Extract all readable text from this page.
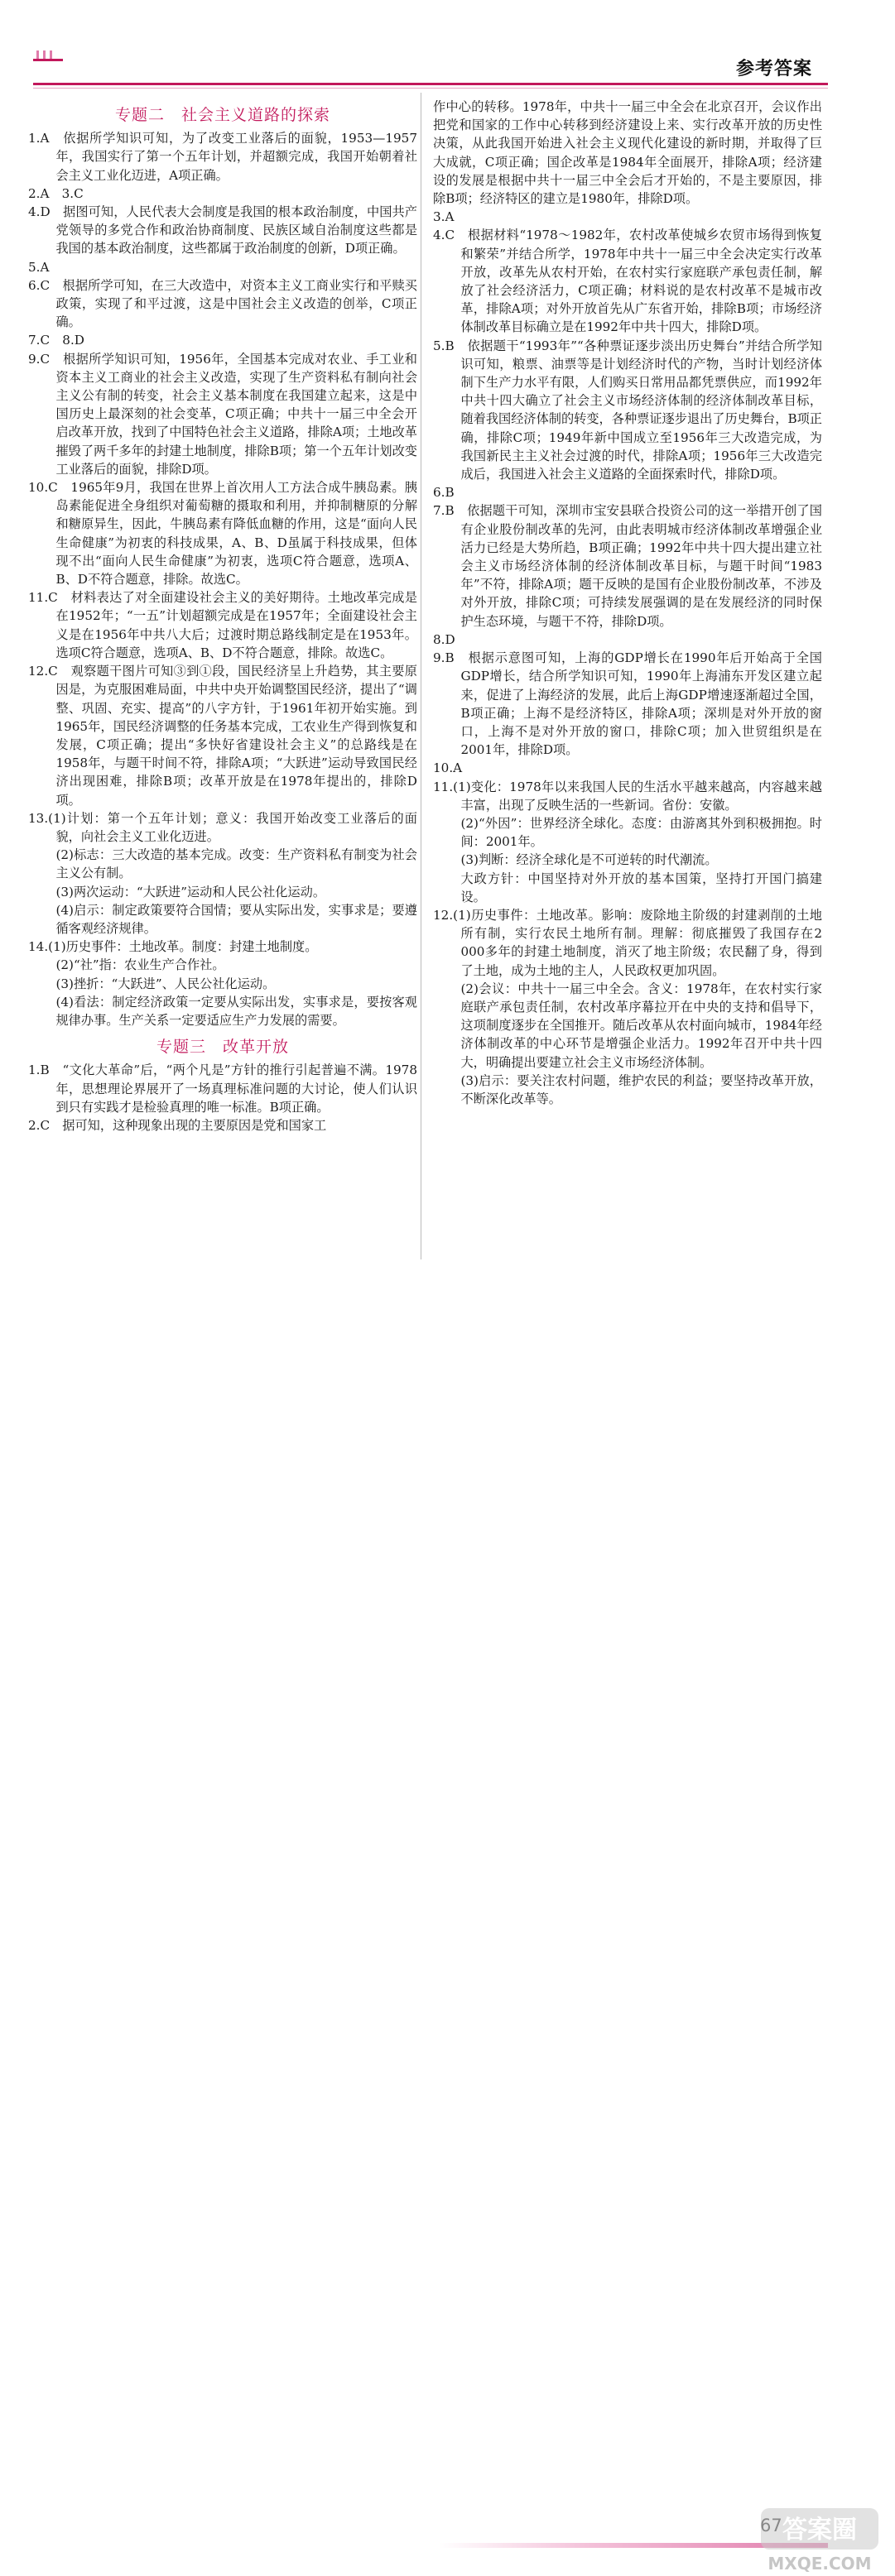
参考答案
专题二　社会主义道路的探索

1.A　依据所学知识可知，为了改变工业落后的面貌，1953—1957年，我国实行了第一个五年计划，并超额完成，我国开始朝着社会主义工业化迈进，A项正确。

2.A　3.C

4.D　据图可知，人民代表大会制度是我国的根本政治制度，中国共产党领导的多党合作和政治协商制度、民族区域自治制度这些都是我国的基本政治制度，这些都属于政治制度的创新，D项正确。

5.A

6.C　根据所学可知，在三大改造中，对资本主义工商业实行和平赎买政策，实现了和平过渡，这是中国社会主义改造的创举，C项正确。

7.C　8.D

9.C　根据所学知识可知，1956年，全国基本完成对农业、手工业和资本主义工商业的社会主义改造，实现了生产资料私有制向社会主义公有制的转变，社会主义基本制度在我国建立起来，这是中国历史上最深刻的社会变革，C项正确；中共十一届三中全会开启改革开放，找到了中国特色社会主义道路，排除A项；土地改革摧毁了两千多年的封建土地制度，排除B项；第一个五年计划改变工业落后的面貌，排除D项。

10.C　1965年9月，我国在世界上首次用人工方法合成牛胰岛素。胰岛素能促进全身组织对葡萄糖的摄取和利用，并抑制糖原的分解和糖原异生，因此，牛胰岛素有降低血糖的作用，这是“面向人民生命健康”为初衷的科技成果，A、B、D虽属于科技成果，但体现不出“面向人民生命健康”为初衷，选项C符合题意，选项A、B、D不符合题意，排除。故选C。

11.C　材料表达了对全面建设社会主义的美好期待。土地改革完成是在1952年；“一五”计划超额完成是在1957年；全面建设社会主义是在1956年中共八大后；过渡时期总路线制定是在1953年。选项C符合题意，选项A、B、D不符合题意，排除。故选C。

12.C　观察题干图片可知③到①段，国民经济呈上升趋势，其主要原因是，为克服困难局面，中共中央开始调整国民经济，提出了“调整、巩固、充实、提高”的八字方针，于1961年初开始实施。到1965年，国民经济调整的任务基本完成，工农业生产得到恢复和发展，C项正确；提出“多快好省建设社会主义”的总路线是在1958年，与题干时间不符，排除A项；“大跃进”运动导致国民经济出现困难，排除B项；改革开放是在1978年提出的，排除D项。

13.(1)计划：第一个五年计划；意义：我国开始改变工业落后的面貌，向社会主义工业化迈进。

(2)标志：三大改造的基本完成。改变：生产资料私有制变为社会主义公有制。

(3)两次运动：“大跃进”运动和人民公社化运动。

(4)启示：制定政策要符合国情；要从实际出发，实事求是；要遵循客观经济规律。

14.(1)历史事件：土地改革。制度：封建土地制度。

(2)“社”指：农业生产合作社。

(3)挫折：“大跃进”、人民公社化运动。

(4)看法：制定经济政策一定要从实际出发，实事求是，要按客观规律办事。生产关系一定要适应生产力发展的需要。

专题三　改革开放

1.B　“文化大革命”后，“两个凡是”方针的推行引起普遍不满。1978年，思想理论界展开了一场真理标准问题的大讨论，使人们认识到只有实践才是检验真理的唯一标准。B项正确。

2.C　据可知，这种现象出现的主要原因是党和国家工

作中心的转移。1978年，中共十一届三中全会在北京召开，会议作出把党和国家的工作中心转移到经济建设上来、实行改革开放的历史性决策，从此我国开始进入社会主义现代化建设的新时期，并取得了巨大成就，C项正确；国企改革是1984年全面展开，排除A项；经济建设的发展是根据中共十一届三中全会后才开始的，不是主要原因，排除B项；经济特区的建立是1980年，排除D项。

3.A

4.C　根据材料“1978～1982年，农村改革使城乡农贸市场得到恢复和繁荣”并结合所学，1978年中共十一届三中全会决定实行改革开放，改革先从农村开始，在农村实行家庭联产承包责任制，解放了社会经济活力，C项正确；材料说的是农村改革不是城市改革，排除A项；对外开放首先从广东省开始，排除B项；市场经济体制改革目标确立是在1992年中共十四大，排除D项。

5.B　依据题干“1993年”“各种票证逐步淡出历史舞台”并结合所学知识可知，粮票、油票等是计划经济时代的产物，当时计划经济体制下生产力水平有限，人们购买日常用品都凭票供应，而1992年中共十四大确立了社会主义市场经济体制的经济体制改革目标，随着我国经济体制的转变，各种票证逐步退出了历史舞台，B项正确，排除C项；1949年新中国成立至1956年三大改造完成，为我国新民主主义社会过渡的时代，排除A项；1956年三大改造完成后，我国进入社会主义道路的全面探索时代，排除D项。

6.B

7.B　依据题干可知，深圳市宝安县联合投资公司的这一举措开创了国有企业股份制改革的先河，由此表明城市经济体制改革增强企业活力已经是大势所趋，B项正确；1992年中共十四大提出建立社会主义市场经济体制的经济体制改革目标，与题干时间“1983年”不符，排除A项；题干反映的是国有企业股份制改革，不涉及对外开放，排除C项；可持续发展强调的是在发展经济的同时保护生态环境，与题干不符，排除D项。

8.D

9.B　根据示意图可知，上海的GDP增长在1990年后开始高于全国GDP增长，结合所学知识可知，1990年上海浦东开发区建立起来，促进了上海经济的发展，此后上海GDP增速逐渐超过全国，B项正确；上海不是经济特区，排除A项；深圳是对外开放的窗口，上海不是对外开放的窗口，排除C项；加入世贸组织是在2001年，排除D项。

10.A

11.(1)变化：1978年以来我国人民的生活水平越来越高，内容越来越丰富，出现了反映生活的一些新词。省份：安徽。

(2)“外因”：世界经济全球化。态度：由游离其外到积极拥抱。时间：2001年。

(3)判断：经济全球化是不可逆转的时代潮流。

大政方针：中国坚持对外开放的基本国策，坚持打开国门搞建设。

12.(1)历史事件：土地改革。影响：废除地主阶级的封建剥削的土地所有制，实行农民土地所有制。理解：彻底摧毁了我国存在2 000多年的封建土地制度，消灭了地主阶级；农民翻了身，得到了土地，成为土地的主人，人民政权更加巩固。

(2)会议：中共十一届三中全会。含义：1978年，在农村实行家庭联产承包责任制，农村改革序幕拉开在中央的支持和倡导下，这项制度逐步在全国推开。随后改革从农村面向城市，1984年经济体制改革的中心环节是增强企业活力。1992年召开中共十四大，明确提出要建立社会主义市场经济体制。

(3)启示：要关注农村问题，维护农民的利益；要坚持改革开放，不断深化改革等。

答案圈
MXQE.COM
